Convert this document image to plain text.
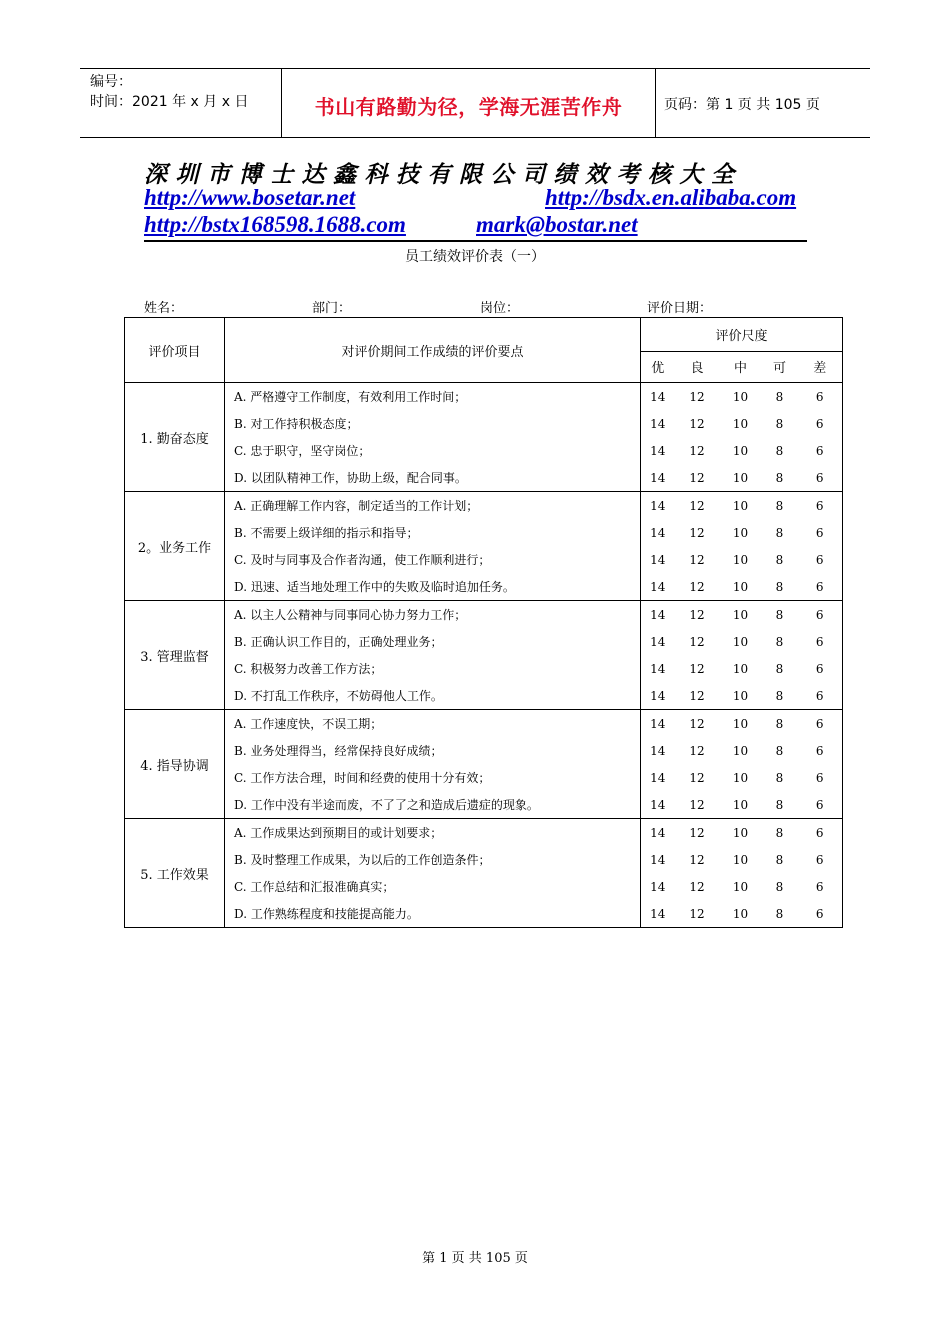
编号：
时间：2021 年 x 月 x 日	书山有路勤为径，学海无涯苦作舟	页码：第 1 页 共 105 页
深圳市博士达鑫科技有限公司绩效考核大全
http://www.bosetar.net	http://bsdx.en.alibaba.com
http://bstx168598.1688.com	mark@bostar.net
员工绩效评价表（一）
姓名：	部门：	岗位：	评价日期：
评价项目	对评价期间工作成绩的评价要点	评价尺度				
		优	良	中	可	差
1. 勤奋态度	A. 严格遵守工作制度，有效利用工作时间；	14	12	10	8	6
	B. 对工作持积极态度；	14	12	10	8	6
	C. 忠于职守，坚守岗位；	14	12	10	8	6
	D. 以团队精神工作，协助上级，配合同事。	14	12	10	8	6
2。业务工作	A. 正确理解工作内容，制定适当的工作计划；	14	12	10	8	6
	B. 不需要上级详细的指示和指导；	14	12	10	8	6
	C. 及时与同事及合作者沟通，使工作顺利进行；	14	12	10	8	6
	D. 迅速、适当地处理工作中的失败及临时追加任务。	14	12	10	8	6
3. 管理监督	A. 以主人公精神与同事同心协力努力工作；	14	12	10	8	6
	B. 正确认识工作目的，正确处理业务；	14	12	10	8	6
	C. 积极努力改善工作方法；	14	12	10	8	6
	D. 不打乱工作秩序，不妨碍他人工作。	14	12	10	8	6
4. 指导协调	A. 工作速度快，不误工期；	14	12	10	8	6
	B. 业务处理得当，经常保持良好成绩；	14	12	10	8	6
	C. 工作方法合理，时间和经费的使用十分有效；	14	12	10	8	6
	D. 工作中没有半途而废，不了了之和造成后遗症的现象。	14	12	10	8	6
5. 工作效果	A. 工作成果达到预期目的或计划要求；	14	12	10	8	6
	B. 及时整理工作成果，为以后的工作创造条件；	14	12	10	8	6
	C. 工作总结和汇报准确真实；	14	12	10	8	6
	D. 工作熟练程度和技能提高能力。	14	12	10	8	6
第 1 页 共 105 页
